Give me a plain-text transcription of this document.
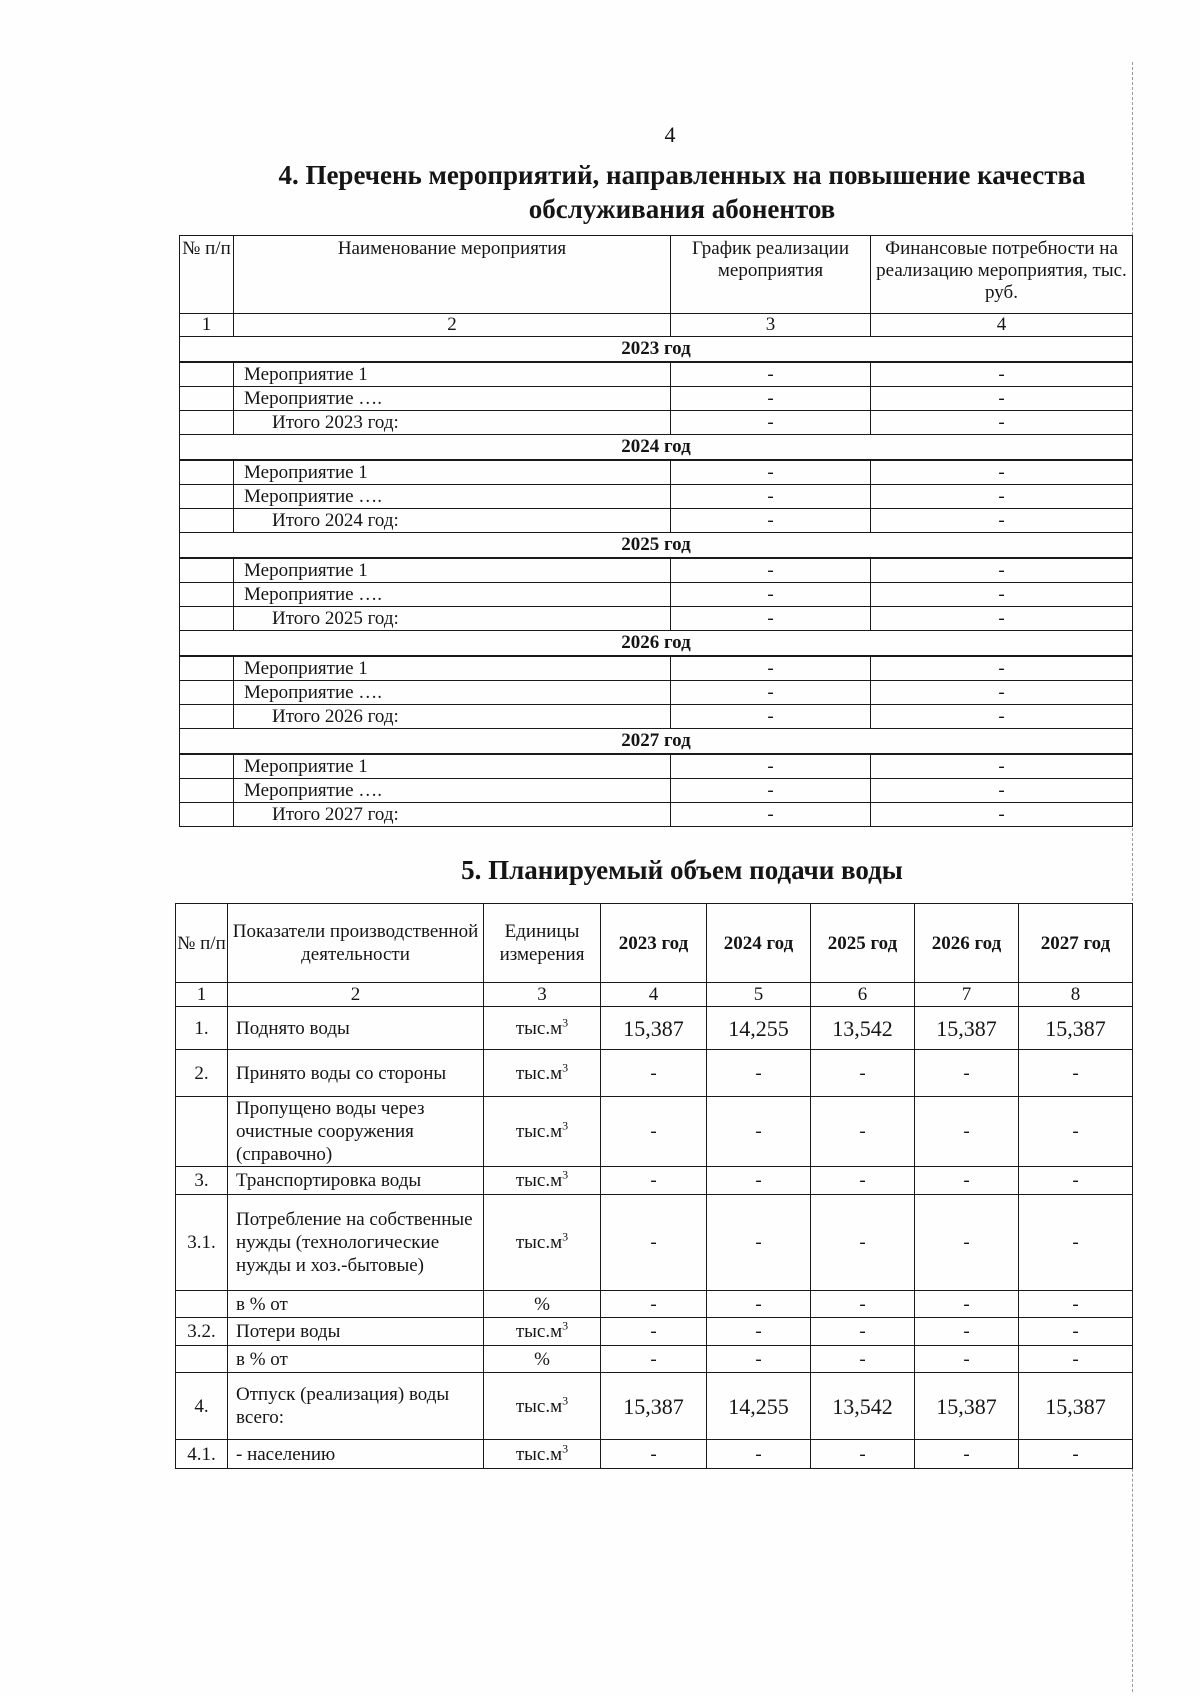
4
4. Перечень мероприятий, направленных на повышение качества обслуживания абонентов
№ п/п	Наименование мероприятия	График реализации мероприятия	Финансовые потребности на реализацию мероприятия, тыс. руб.
1	2	3	4
2023 год			
	Мероприятие 1	-	-
	Мероприятие ….	-	-
	Итого 2023 год:	-	-
2024 год			
	Мероприятие 1	-	-
	Мероприятие ….	-	-
	Итого 2024 год:	-	-
2025 год			
	Мероприятие 1	-	-
	Мероприятие ….	-	-
	Итого 2025 год:	-	-
2026 год			
	Мероприятие 1	-	-
	Мероприятие ….	-	-
	Итого 2026 год:	-	-
2027 год			
	Мероприятие 1	-	-
	Мероприятие ….	-	-
	Итого 2027 год:	-	-
5. Планируемый объем подачи воды
№ п/п	Показатели производственной деятельности	Единицы измерения	2023 год	2024 год	2025 год	2026 год	2027 год
1	2	3	4	5	6	7	8
1.	Поднято воды	$тыс.м^3$	15,387	14,255	13,542	15,387	15,387
2.	Принято воды со стороны	$тыс.м^3$	-	-	-	-	-
	Пропущено воды через очистные сооружения (справочно)	$тыс.м^3$	-	-	-	-	-
3.	Транспортировка воды	$тыс.м^3$	-	-	-	-	-
3.1.	Потребление на собственные нужды (технологические нужды и хоз.-бытовые)	$тыс.м^3$	-	-	-	-	-
	в % от	%	-	-	-	-	-
3.2.	Потери воды	$тыс.м^3$	-	-	-	-	-
	в % от	%	-	-	-	-	-
4.	Отпуск (реализация) воды всего:	$тыс.м^3$	15,387	14,255	13,542	15,387	15,387
4.1.	- населению	$тыс.м^3$	-	-	-	-	-
